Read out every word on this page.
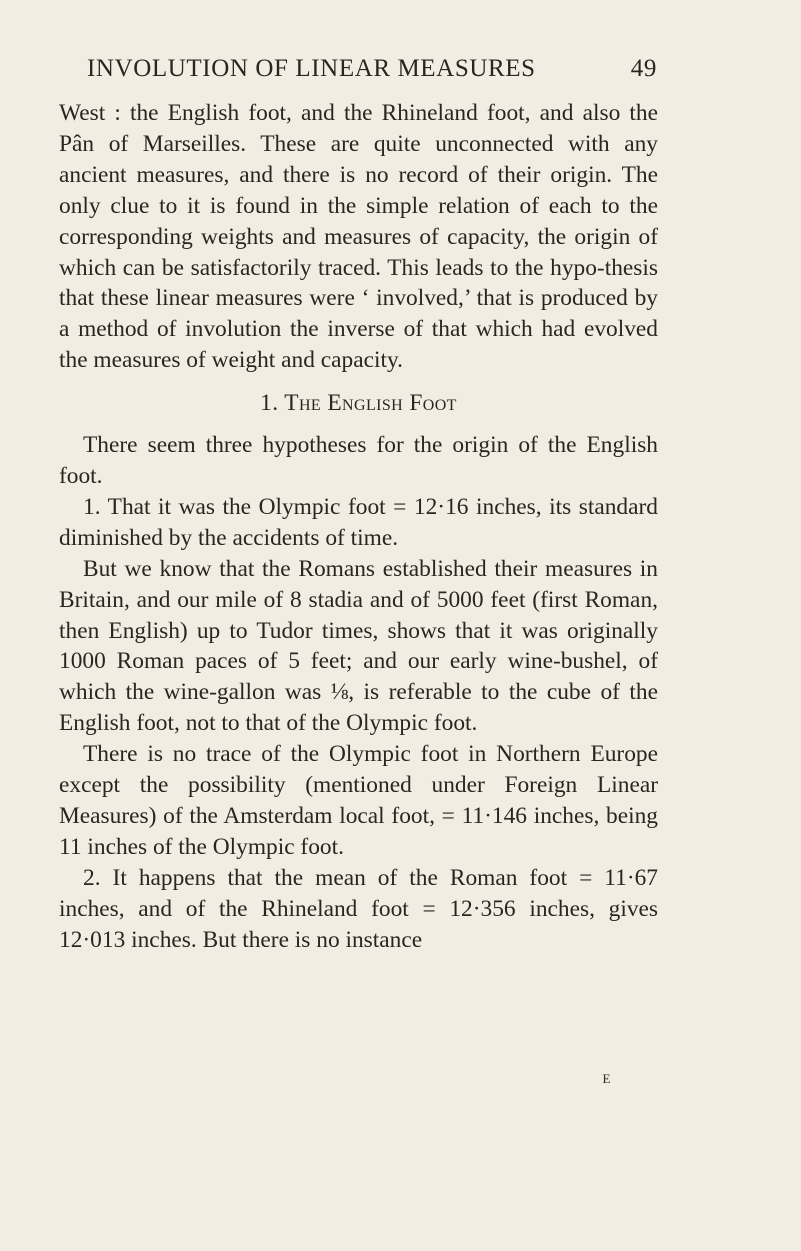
INVOLUTION OF LINEAR MEASURES	49

West : the English foot, and the Rhineland foot, and also the Pân of Marseilles. These are quite unconnected with any ancient measures, and there is no record of their origin. The only clue to it is found in the simple relation of each to the corresponding weights and measures of capacity, the origin of which can be satisfactorily traced. This leads to the hypo-thesis that these linear measures were ‘ involved,’ that is produced by a method of involution the inverse of that which had evolved the measures of weight and capacity.

1. The English Foot

There seem three hypotheses for the origin of the English foot.

1. That it was the Olympic foot = 12·16 inches, its standard diminished by the accidents of time.

But we know that the Romans established their measures in Britain, and our mile of 8 stadia and of 5000 feet (first Roman, then English) up to Tudor times, shows that it was originally 1000 Roman paces of 5 feet; and our early wine-bushel, of which the wine-gallon was ⅛, is referable to the cube of the English foot, not to that of the Olympic foot.

There is no trace of the Olympic foot in Northern Europe except the possibility (mentioned under Foreign Linear Measures) of the Amsterdam local foot, = 11·146 inches, being 11 inches of the Olympic foot.

2. It happens that the mean of the Roman foot = 11·67 inches, and of the Rhineland foot = 12·356 inches, gives 12·013 inches. But there is no instance

E
